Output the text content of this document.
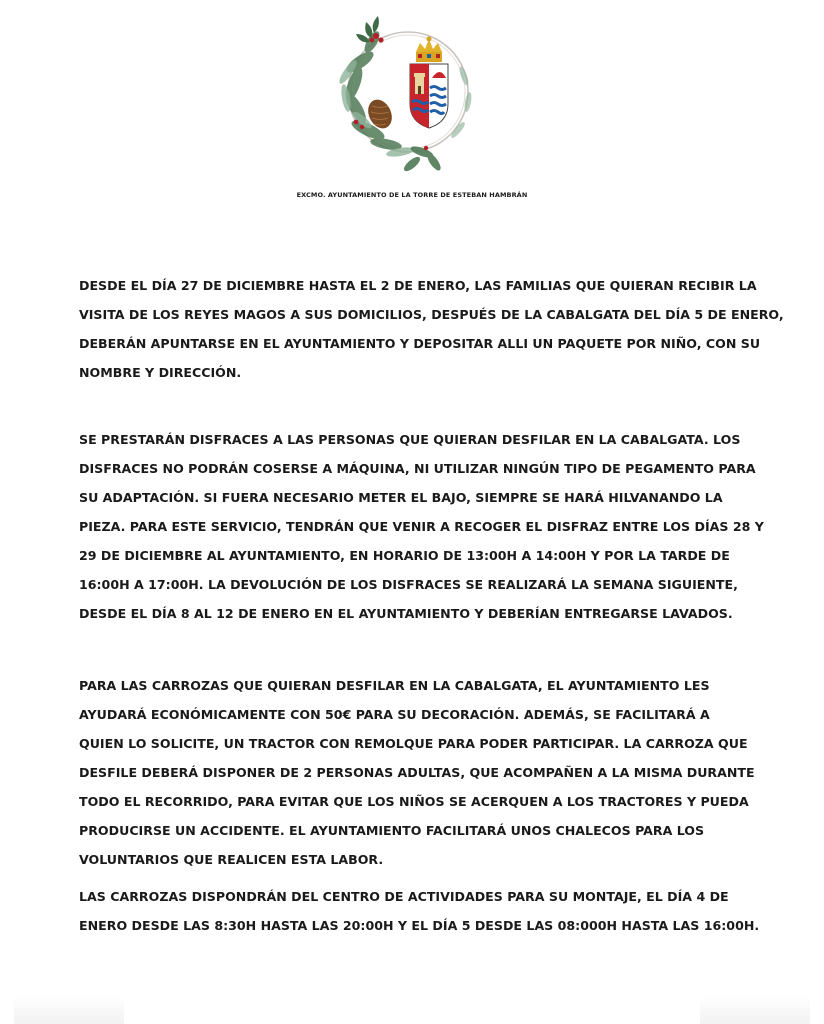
EXCMO. AYUNTAMIENTO DE LA TORRE DE ESTEBAN HAMBRÁN
DESDE EL DÍA 27 DE DICIEMBRE HASTA EL 2 DE ENERO, LAS FAMILIAS QUE QUIERAN RECIBIR LA
VISITA DE LOS REYES MAGOS A SUS DOMICILIOS, DESPUÉS DE LA CABALGATA DEL DÍA 5 DE ENERO,
DEBERÁN APUNTARSE EN EL AYUNTAMIENTO Y DEPOSITAR ALLI UN PAQUETE POR NIÑO, CON SU
NOMBRE Y DIRECCIÓN.
SE PRESTARÁN DISFRACES A LAS PERSONAS QUE QUIERAN DESFILAR EN LA CABALGATA. LOS
DISFRACES NO PODRÁN COSERSE A MÁQUINA, NI UTILIZAR NINGÚN TIPO DE PEGAMENTO PARA
SU ADAPTACIÓN. SI FUERA NECESARIO METER EL BAJO, SIEMPRE SE HARÁ HILVANANDO LA
PIEZA. PARA ESTE SERVICIO, TENDRÁN QUE VENIR A RECOGER EL DISFRAZ ENTRE LOS DÍAS 28 Y
29 DE DICIEMBRE AL AYUNTAMIENTO, EN HORARIO DE 13:00H A 14:00H Y POR LA TARDE DE
16:00H A 17:00H. LA DEVOLUCIÓN DE LOS DISFRACES SE REALIZARÁ LA SEMANA SIGUIENTE,
DESDE EL DÍA 8 AL 12 DE ENERO EN EL AYUNTAMIENTO Y DEBERÍAN ENTREGARSE LAVADOS.
PARA LAS CARROZAS QUE QUIERAN DESFILAR EN LA CABALGATA, EL AYUNTAMIENTO LES
AYUDARÁ ECONÓMICAMENTE CON 50€ PARA SU DECORACIÓN. ADEMÁS, SE FACILITARÁ A
QUIEN LO SOLICITE, UN TRACTOR CON REMOLQUE PARA PODER PARTICIPAR. LA CARROZA QUE
DESFILE DEBERÁ DISPONER DE 2 PERSONAS ADULTAS, QUE ACOMPAÑEN A LA MISMA DURANTE
TODO EL RECORRIDO, PARA EVITAR QUE LOS NIÑOS SE ACERQUEN A LOS TRACTORES Y PUEDA
PRODUCIRSE UN ACCIDENTE. EL AYUNTAMIENTO FACILITARÁ UNOS CHALECOS PARA LOS
VOLUNTARIOS QUE REALICEN ESTA LABOR.
LAS CARROZAS DISPONDRÁN DEL CENTRO DE ACTIVIDADES PARA SU MONTAJE, EL DÍA 4 DE
ENERO DESDE LAS 8:30H HASTA LAS 20:00H Y EL DÍA 5 DESDE LAS 08:000H HASTA LAS 16:00H.
